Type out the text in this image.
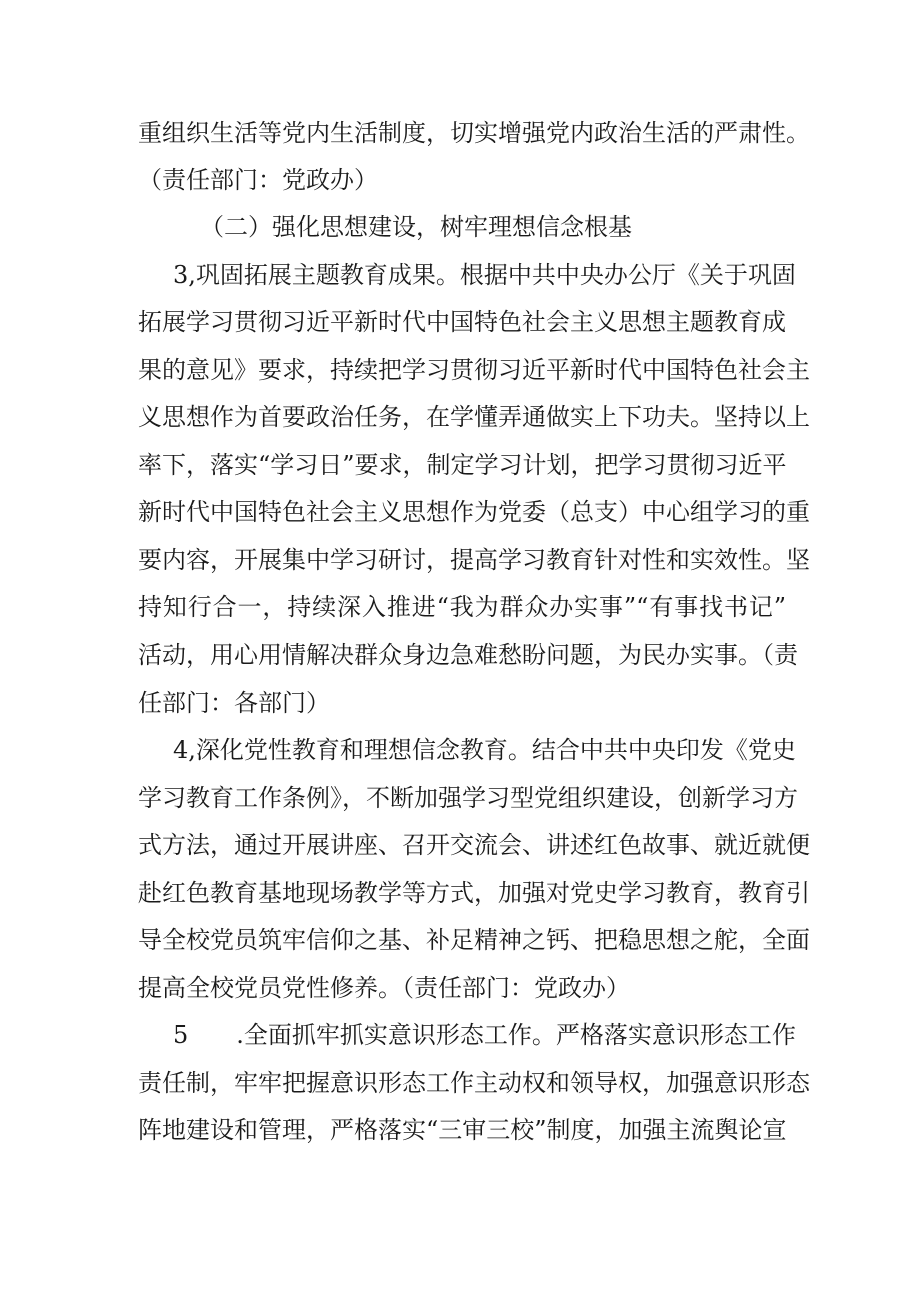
重组织生活等党内生活制度，切实增强党内政治生活的严肃性。
（责任部门：党政办）
（二）强化思想建设，树牢理想信念根基
3,巩固拓展主题教育成果。根据中共中央办公厅《关于巩固
拓展学习贯彻习近平新时代中国特色社会主义思想主题教育成
果的意见》要求，持续把学习贯彻习近平新时代中国特色社会主
义思想作为首要政治任务，在学懂弄通做实上下功夫。坚持以上
率下，落实“学习日”要求，制定学习计划，把学习贯彻习近平
新时代中国特色社会主义思想作为党委（总支）中心组学习的重
要内容，开展集中学习研讨，提高学习教育针对性和实效性。坚
持知行合一，持续深入推进“我为群众办实事”“有事找书记”
活动，用心用情解决群众身边急难愁盼问题，为民办实事。（责
任部门：各部门）
4,深化党性教育和理想信念教育。结合中共中央印发《党史
学习教育工作条例》，不断加强学习型党组织建设，创新学习方
式方法，通过开展讲座、召开交流会、讲述红色故事、就近就便
赴红色教育基地现场教学等方式，加强对党史学习教育，教育引
导全校党员筑牢信仰之基、补足精神之钙、把稳思想之舵，全面
提高全校党员党性修养。（责任部门：党政办）
5　　.全面抓牢抓实意识形态工作。严格落实意识形态工作
责任制，牢牢把握意识形态工作主动权和领导权，加强意识形态
阵地建设和管理，严格落实“三审三校”制度，加强主流舆论宣
